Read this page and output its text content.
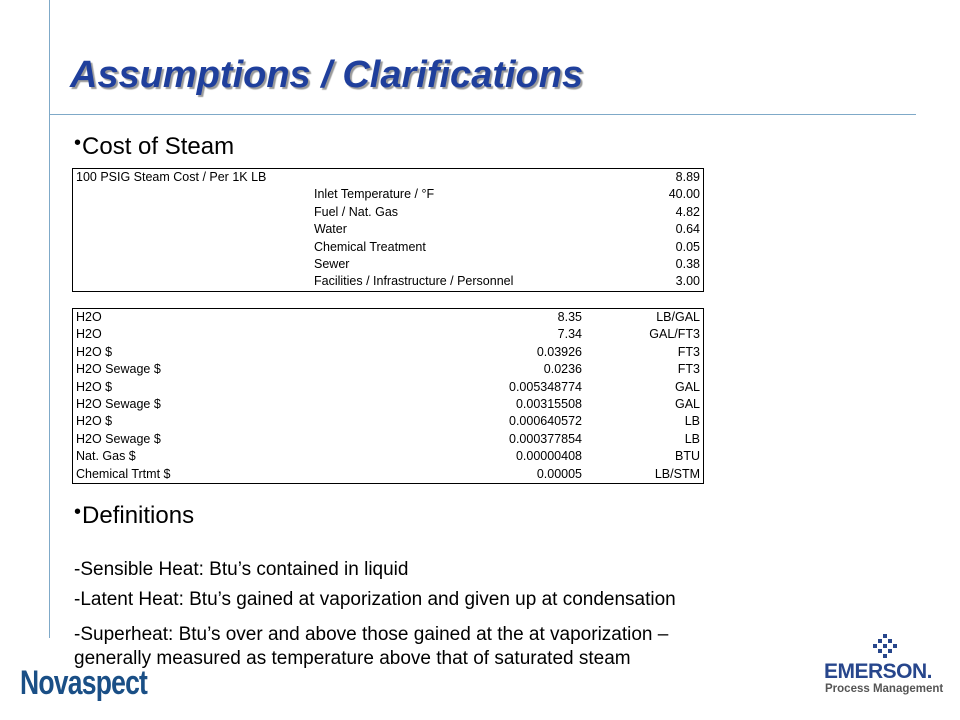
Assumptions / Clarifications
•Cost of Steam
100 PSIG Steam Cost / Per 1K LB		8.89
	Inlet Temperature / °F	40.00
	Fuel / Nat. Gas	4.82
	Water	0.64
	Chemical Treatment	0.05
	Sewer	0.38
	Facilities / Infrastructure / Personnel	3.00
H2O	8.35	LB/GAL
H2O	7.34	GAL/FT3
H2O $	0.03926	FT3
H2O Sewage $	0.0236	FT3
H2O $	0.005348774	GAL
H2O Sewage $	0.00315508	GAL
H2O $	0.000640572	LB
H2O Sewage $	0.000377854	LB
Nat. Gas $	0.00000408	BTU
Chemical Trtmt $	0.00005	LB/STM
•Definitions
-Sensible Heat: Btu’s contained in liquid
-Latent Heat: Btu’s gained at vaporization and given up at condensation
-Superheat: Btu’s over and above those gained at the at vaporization –
generally measured as temperature above that of saturated steam
Novaspect	EMERSON.
Process Management
